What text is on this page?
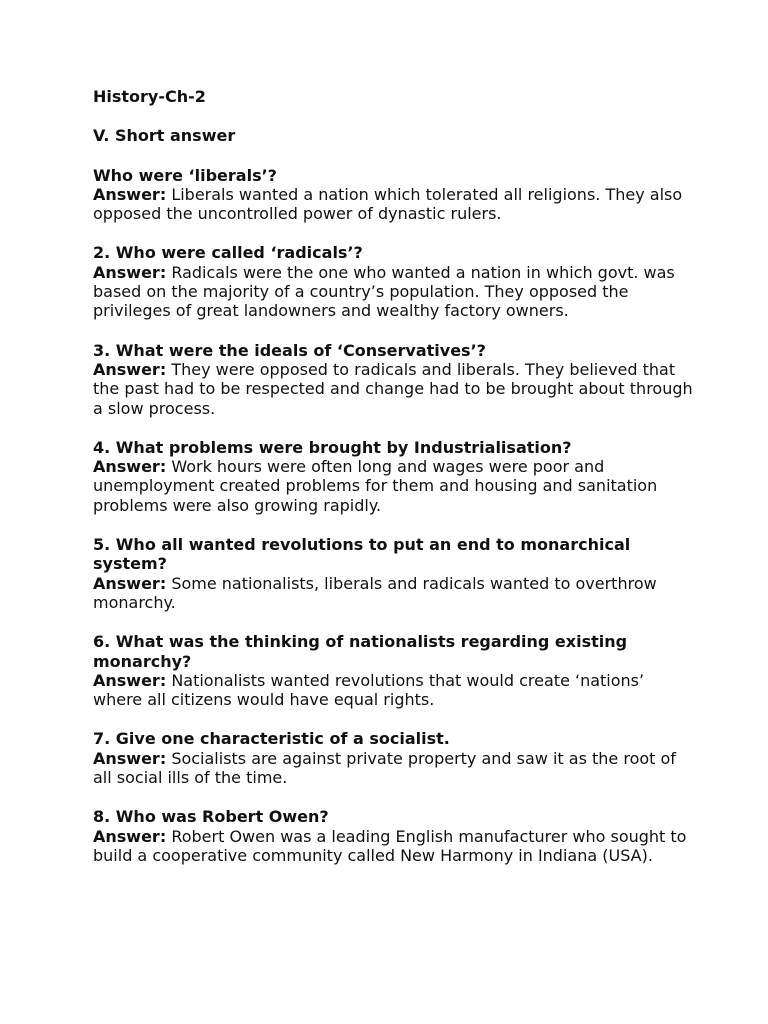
History-Ch-2
V. Short answer
Who were ‘liberals’?
Answer: Liberals wanted a nation which tolerated all religions. They also opposed the uncontrolled power of dynastic rulers.
2. Who were called ‘radicals’?
Answer: Radicals were the one who wanted a nation in which govt. was based on the majority of a country’s population. They opposed the privileges of great landowners and wealthy factory owners.
3. What were the ideals of ‘Conservatives’?
Answer: They were opposed to radicals and liberals. They believed that the past had to be respected and change had to be brought about through a slow process.
4. What problems were brought by Industrialisation?
Answer: Work hours were often long and wages were poor and unemployment created problems for them and housing and sanitation problems were also growing rapidly.
5. Who all wanted revolutions to put an end to monarchical system?
Answer: Some nationalists, liberals and radicals wanted to overthrow monarchy.
6. What was the thinking of nationalists regarding existing monarchy?
Answer: Nationalists wanted revolutions that would create ‘nations’ where all citizens would have equal rights.
7. Give one characteristic of a socialist.
Answer: Socialists are against private property and saw it as the root of all social ills of the time.
8. Who was Robert Owen?
Answer: Robert Owen was a leading English manufacturer who sought to build a cooperative community called New Harmony in Indiana (USA).
